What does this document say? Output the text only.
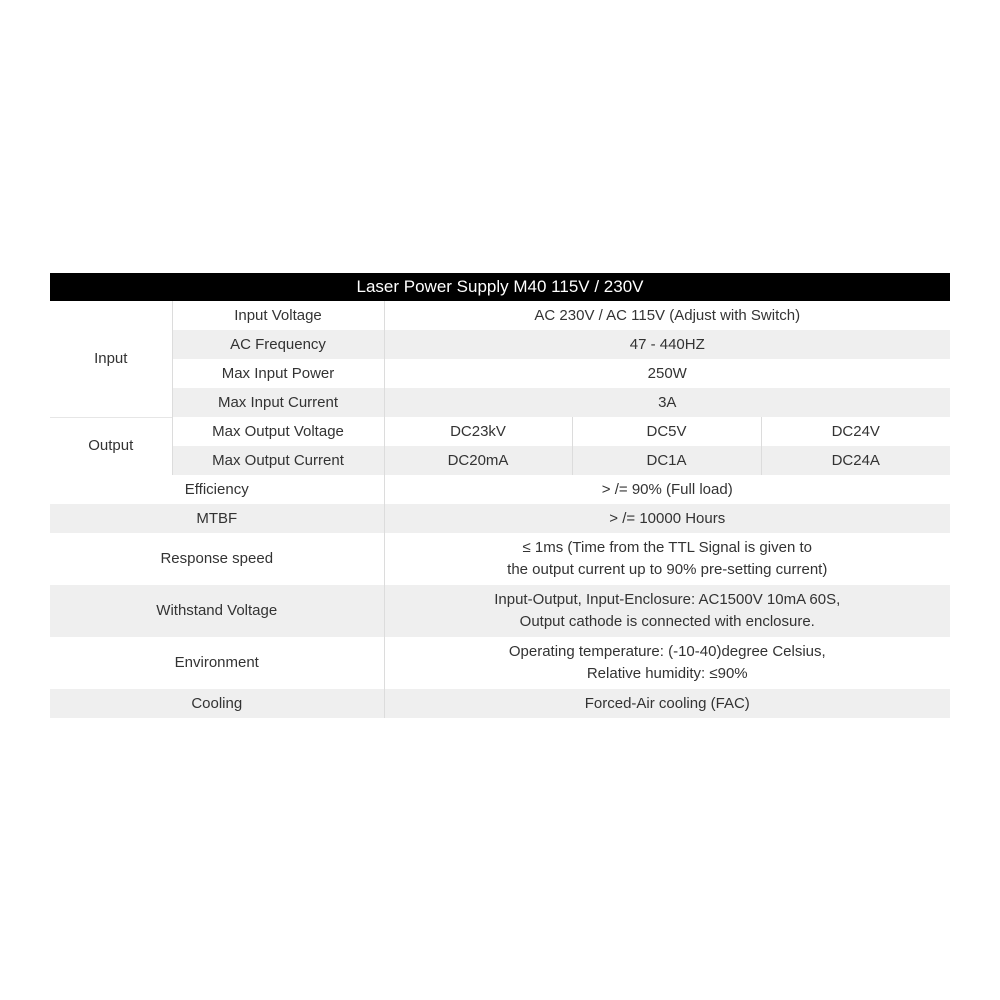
Laser Power Supply M40 115V / 230V
Input	Input Voltage	AC 230V / AC 115V (Adjust with Switch)		
	AC Frequency	47 - 440HZ		
	Max Input Power	250W		
	Max Input Current	3A		
Output	Max Output Voltage	DC23kV	DC5V	DC24V
	Max Output Current	DC20mA	DC1A	DC24A
Efficiency		> /= 90% (Full load)		
MTBF		> /= 10000 Hours		
Response speed		≤ 1ms (Time from the TTL Signal is given to
the output current up to 90% pre-setting current)		

Withstand Voltage		Input-Output, Input-Enclosure: AC1500V 10mA 60S,
Output cathode is connected with enclosure.		

Environment		Operating temperature: (-10-40)degree Celsius,
Relative humidity: ≤90%		

Cooling		Forced-Air cooling (FAC)		
